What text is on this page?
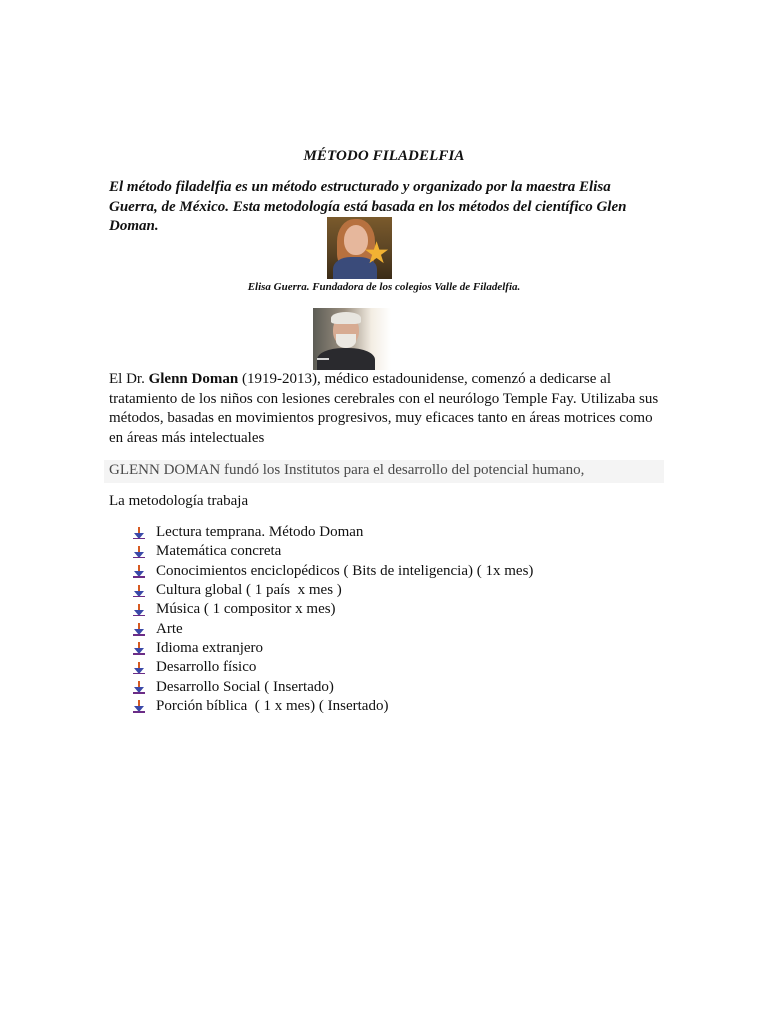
MÉTODO FILADELFIA
El método filadelfia es un método estructurado y organizado por la maestra Elisa Guerra, de México. Esta metodología está basada en los métodos del científico Glen Doman.
★
Elisa Guerra. Fundadora de los colegios Valle de Filadelfia.
El Dr. Glenn Doman (1919-2013), médico estadounidense, comenzó a dedicarse al tratamiento de los niños con lesiones cerebrales con el neurólogo Temple Fay. Utilizaba sus métodos, basadas en movimientos progresivos, muy eficaces tanto en áreas motrices como en áreas más intelectuales
GLENN DOMAN fundó los Institutos para el desarrollo del potencial humano,
La metodología trabaja
Lectura temprana. Método Doman
Matemática concreta
Conocimientos enciclopédicos ( Bits de inteligencia) ( 1x mes)
Cultura global ( 1 país  x mes )
Música ( 1 compositor x mes)
Arte
Idioma extranjero
Desarrollo físico
Desarrollo Social ( Insertado)
Porción bíblica  ( 1 x mes) ( Insertado)
